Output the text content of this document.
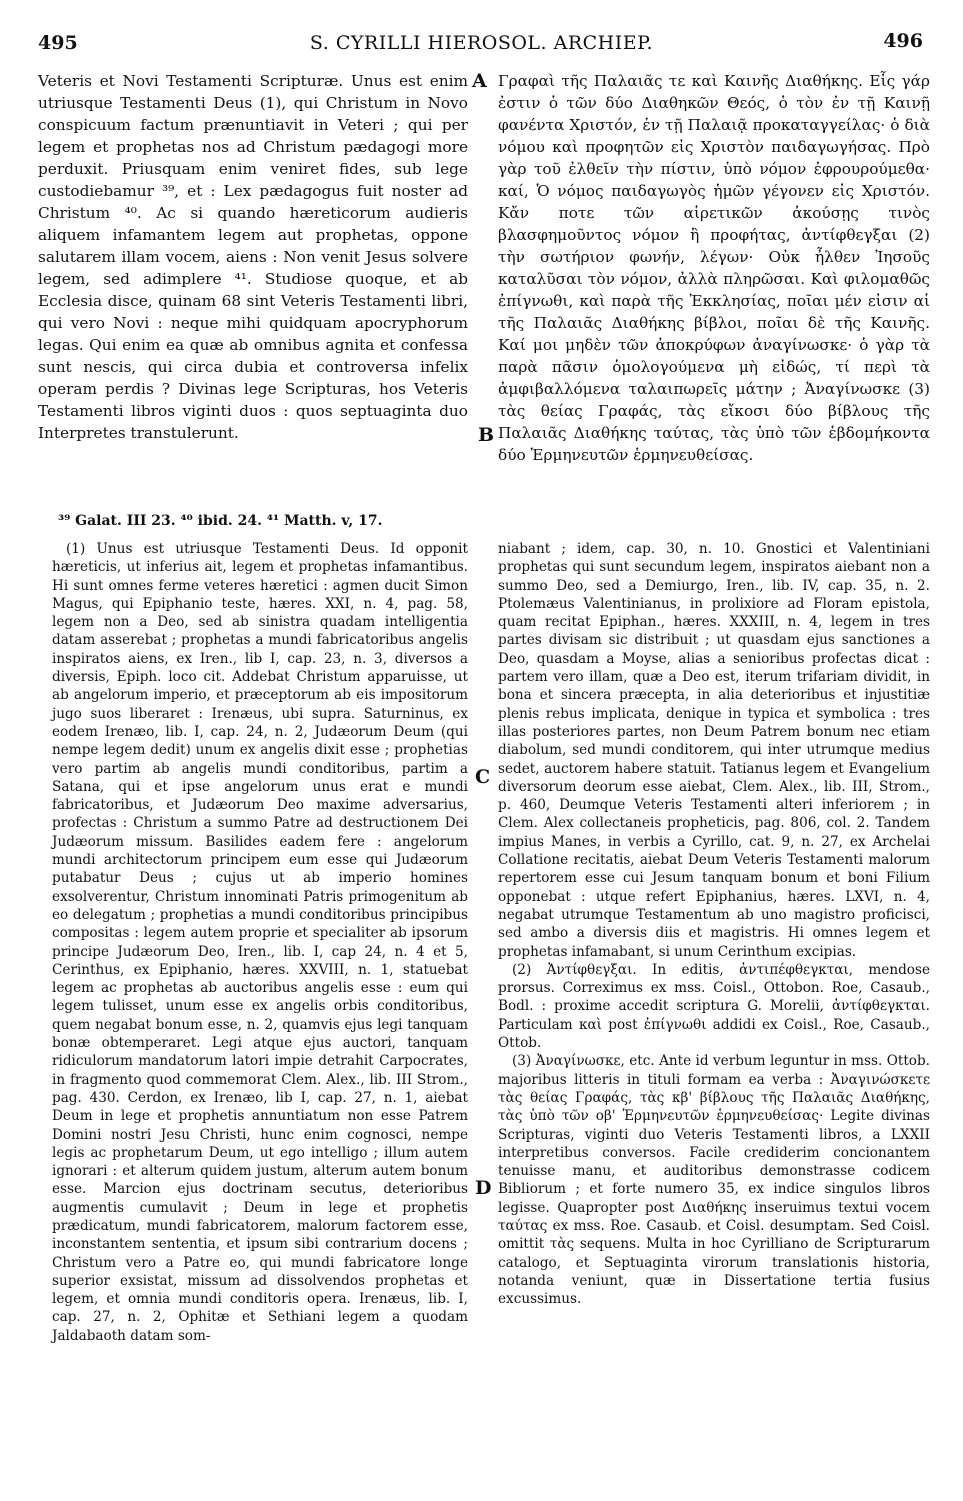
495	S. CYRILLI HIEROSOL. ARCHIEP.	496
A
B
C
D

Veteris et Novi Testamenti Scripturæ. Unus est enim utriusque Testamenti Deus (1), qui Christum in Novo conspicuum factum prænuntiavit in Veteri ; qui per legem et prophetas nos ad Christum pædagogi more perduxit. Priusquam enim veniret fides, sub lege custodiebamur ³⁹, et : Lex pædagogus fuit noster ad Christum ⁴⁰. Ac si quando hæreticorum audieris aliquem infamantem legem aut prophetas, oppone salutarem illam vocem, aiens : Non venit Jesus solvere legem, sed adimplere ⁴¹. Studiose quoque, et ab Ecclesia disce, quinam 68 sint Veteris Testamenti libri, qui vero Novi : neque mihi quidquam apocryphorum legas. Qui enim ea quæ ab omnibus agnita et confessa sunt nescis, qui circa dubia et controversa infelix operam perdis ? Divinas lege Scripturas, hos Veteris Testamenti libros viginti duos : quos septuaginta duo Interpretes transtulerunt.

Γραφαὶ τῆς Παλαιᾶς τε καὶ Καινῆς Διαθήκης. Εἷς γάρ ἐστιν ὁ τῶν δύο Διαθηκῶν Θεός, ὁ τὸν ἐν τῇ Καινῇ φανέντα Χριστόν, ἐν τῇ Παλαιᾷ προκαταγγείλας· ὁ διὰ νόμου καὶ προφητῶν εἰς Χριστὸν παιδαγωγήσας. Πρὸ γὰρ τοῦ ἐλθεῖν τὴν πίστιν, ὑπὸ νόμον ἐφρουρούμεθα· καί, Ὁ νόμος παιδαγωγὸς ἡμῶν γέγονεν εἰς Χριστόν. Κἄν ποτε τῶν αἱρετικῶν ἀκούσῃς τινὸς βλασφημοῦντος νόμον ἢ προφήτας, ἀντίφθεγξαι (2) τὴν σωτήριον φωνήν, λέγων· Οὐκ ἦλθεν Ἰησοῦς καταλῦσαι τὸν νόμον, ἀλλὰ πληρῶσαι. Καὶ φιλομαθῶς ἐπίγνωθι, καὶ παρὰ τῆς Ἐκκλησίας, ποῖαι μέν εἰσιν αἱ τῆς Παλαιᾶς Διαθήκης βίβλοι, ποῖαι δὲ τῆς Καινῆς. Καί μοι μηδὲν τῶν ἀποκρύφων ἀναγίνωσκε· ὁ γὰρ τὰ παρὰ πᾶσιν ὁμολογούμενα μὴ εἰδώς, τί περὶ τὰ ἀμφιβαλλόμενα ταλαιπωρεῖς μάτην ; Ἀναγίνωσκε (3) τὰς θείας Γραφάς, τὰς εἴκοσι δύο βίβλους τῆς Παλαιᾶς Διαθήκης ταύτας, τὰς ὑπὸ τῶν ἑβδομήκοντα δύο Ἑρμηνευτῶν ἑρμηνευθείσας.

³⁹ Galat. III 23. ⁴⁰ ibid. 24. ⁴¹ Matth. v, 17.

(1) Unus est utriusque Testamenti Deus. Id opponit hæreticis, ut inferius ait, legem et prophetas infamantibus. Hi sunt omnes ferme veteres hæretici : agmen ducit Simon Magus, qui Epiphanio teste, hæres. XXI, n. 4, pag. 58, legem non a Deo, sed ab sinistra quadam intelligentia datam asserebat ; prophetas a mundi fabricatoribus angelis inspiratos aiens, ex Iren., lib I, cap. 23, n. 3, diversos a diversis, Epiph. loco cit. Addebat Christum apparuisse, ut ab angelorum imperio, et præceptorum ab eis impositorum jugo suos liberaret : Irenæus, ubi supra. Saturninus, ex eodem Irenæo, lib. I, cap. 24, n. 2, Judæorum Deum (qui nempe legem dedit) unum ex angelis dixit esse ; prophetias vero partim ab angelis mundi conditoribus, partim a Satana, qui et ipse angelorum unus erat e mundi fabricatoribus, et Judæorum Deo maxime adversarius, profectas : Christum a summo Patre ad destructionem Dei Judæorum missum. Basilides eadem fere : angelorum mundi architectorum principem eum esse qui Judæorum putabatur Deus ; cujus ut ab imperio homines exsolverentur, Christum innominati Patris primogenitum ab eo delegatum ; prophetias a mundi conditoribus principibus compositas : legem autem proprie et specialiter ab ipsorum principe Judæorum Deo, Iren., lib. I, cap 24, n. 4 et 5, Cerinthus, ex Epiphanio, hæres. XXVIII, n. 1, statuebat legem ac prophetas ab auctoribus angelis esse : eum qui legem tulisset, unum esse ex angelis orbis conditoribus, quem negabat bonum esse, n. 2, quamvis ejus legi tanquam bonæ obtemperaret. Legi atque ejus auctori, tanquam ridiculorum mandatorum latori impie detrahit Carpocrates, in fragmento quod commemorat Clem. Alex., lib. III Strom., pag. 430. Cerdon, ex Irenæo, lib I, cap. 27, n. 1, aiebat Deum in lege et prophetis annuntiatum non esse Patrem Domini nostri Jesu Christi, hunc enim cognosci, nempe legis ac prophetarum Deum, ut ego intelligo ; illum autem ignorari : et alterum quidem justum, alterum autem bonum esse. Marcion ejus doctrinam secutus, deterioribus augmentis cumulavit ; Deum in lege et prophetis prædicatum, mundi fabricatorem, malorum factorem esse, inconstantem sententia, et ipsum sibi contrarium docens ; Christum vero a Patre eo, qui mundi fabricatore longe superior exsistat, missum ad dissolvendos prophetas et legem, et omnia mundi conditoris opera. Irenæus, lib. I, cap. 27, n. 2, Ophitæ et Sethiani legem a quodam Jaldabaoth datam som-

niabant ; idem, cap. 30, n. 10. Gnostici et Valentiniani prophetas qui sunt secundum legem, inspiratos aiebant non a summo Deo, sed a Demiurgo, Iren., lib. IV, cap. 35, n. 2. Ptolemæus Valentinianus, in prolixiore ad Floram epistola, quam recitat Epiphan., hæres. XXXIII, n. 4, legem in tres partes divisam sic distribuit ; ut quasdam ejus sanctiones a Deo, quasdam a Moyse, alias a senioribus profectas dicat : partem vero illam, quæ a Deo est, iterum trifariam dividit, in bona et sincera præcepta, in alia deterioribus et injustitiæ plenis rebus implicata, denique in typica et symbolica : tres illas posteriores partes, non Deum Patrem bonum nec etiam diabolum, sed mundi conditorem, qui inter utrumque medius sedet, auctorem habere statuit. Tatianus legem et Evangelium diversorum deorum esse aiebat, Clem. Alex., lib. III, Strom., p. 460, Deumque Veteris Testamenti alteri inferiorem ; in Clem. Alex collectaneis propheticis, pag. 806, col. 2. Tandem impius Manes, in verbis a Cyrillo, cat. 9, n. 27, ex Archelai Collatione recitatis, aiebat Deum Veteris Testamenti malorum repertorem esse cui Jesum tanquam bonum et boni Filium opponebat : utque refert Epiphanius, hæres. LXVI, n. 4, negabat utrumque Testamentum ab uno magistro proficisci, sed ambo a diversis diis et magistris. Hi omnes legem et prophetas infamabant, si unum Cerinthum excipias.

(2) Ἀντίφθεγξαι. In editis, ἀντιπέφθεγκται, mendose prorsus. Correximus ex mss. Coisl., Ottobon. Roe, Casaub., Bodl. : proxime accedit scriptura G. Morelii, ἀντίφθεγκται. Particulam καὶ post ἐπίγνωθι addidi ex Coisl., Roe, Casaub., Ottob.

(3) Ἀναγίνωσκε, etc. Ante id verbum leguntur in mss. Ottob. majoribus litteris in tituli formam ea verba : Ἀναγινώσκετε τὰς θείας Γραφάς, τὰς κβ' βίβλους τῆς Παλαιᾶς Διαθήκης, τὰς ὑπὸ τῶν οβ' Ἑρμηνευτῶν ἑρμηνευθείσας· Legite divinas Scripturas, viginti duo Veteris Testamenti libros, a LXXII interpretibus conversos. Facile crediderim concionantem tenuisse manu, et auditoribus demonstrasse codicem Bibliorum ; et forte numero 35, ex indice singulos libros legisse. Quapropter post Διαθήκης inseruimus textui vocem ταύτας ex mss. Roe. Casaub. et Coisl. desumptam. Sed Coisl. omittit τὰς sequens. Multa in hoc Cyrilliano de Scripturarum catalogo, et Septuaginta virorum translationis historia, notanda veniunt, quæ in Dissertatione tertia fusius excussimus.
